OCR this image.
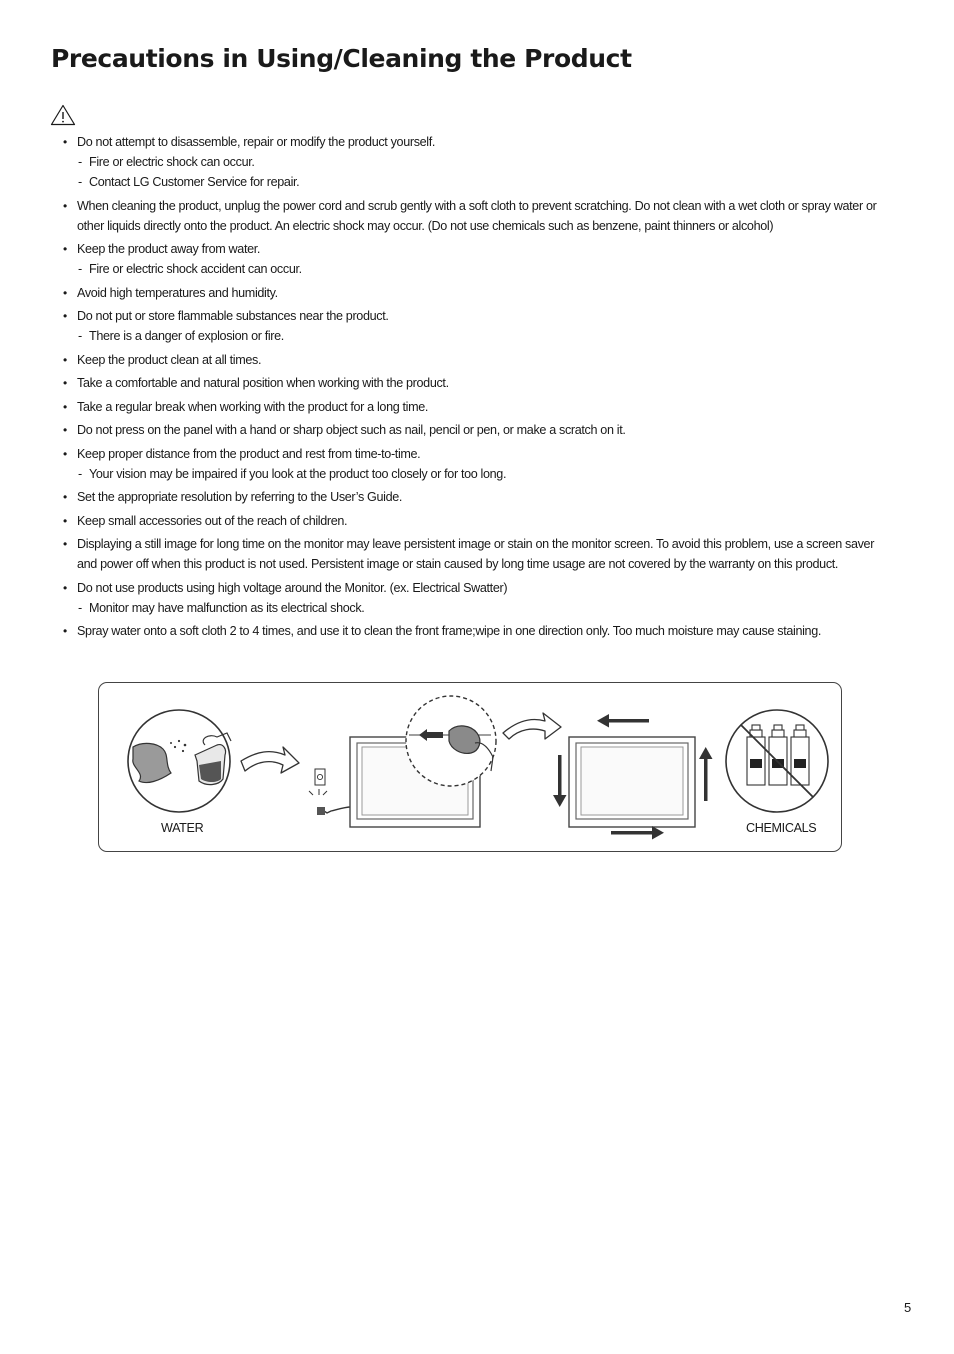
Precautions in Using/Cleaning the Product
• Do not attempt to disassemble, repair or modify the product yourself.
- Fire or electric shock can occur.
- Contact LG Customer Service for repair.
• When cleaning the product, unplug the power cord and scrub gently with a soft cloth to prevent scratching. Do not clean with a wet cloth or spray water or other liquids directly onto the product. An electric shock may occur. (Do not use chemicals such as benzene, paint thinners or alcohol)
• Keep the product away from water.
- Fire or electric shock accident can occur.
• Avoid high temperatures and humidity.
• Do not put or store flammable substances near the product.
- There is a danger of explosion or fire.
• Keep the product clean at all times.
• Take a comfortable and natural position when working with the product.
• Take a regular break when working with the product for a long time.
• Do not press on the panel with a hand or sharp object such as nail, pencil or pen, or make a scratch on it.
• Keep proper distance from the product and rest from time-to-time.
- Your vision may be impaired if you look at the product too closely or for too long.
• Set the appropriate resolution by referring to the User’s Guide.
• Keep small accessories out of the reach of children.
• Displaying a still image for long time on the monitor may leave persistent image or stain on the monitor screen. To avoid this problem, use a screen saver and power off when this product is not used. Persistent image or stain caused by long time usage are not covered by the warranty on this product.
• Do not use products using high voltage around the Monitor. (ex. Electrical Swatter)
- Monitor may have malfunction as its electrical shock.
• Spray water onto a soft cloth 2 to 4 times, and use it to clean the front frame;wipe in one direction only. Too much moisture may cause staining.
WATER	CHEMICALS
5
